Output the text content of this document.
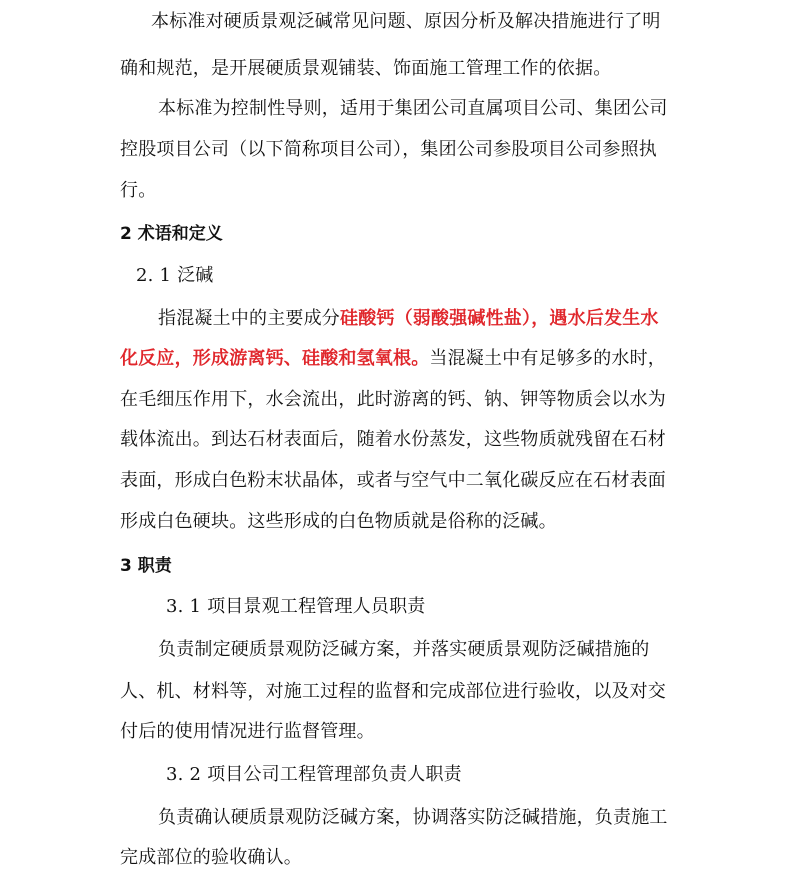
本标准对硬质景观泛碱常见问题、原因分析及解决措施进行了明
确和规范，是开展硬质景观铺装、饰面施工管理工作的依据。
本标准为控制性导则，适用于集团公司直属项目公司、集团公司
控股项目公司（以下简称项目公司），集团公司参股项目公司参照执
行。
2 术语和定义
2. 1 泛碱
指混凝土中的主要成分硅酸钙（弱酸强碱性盐），遇水后发生水
化反应，形成游离钙、硅酸和氢氧根。当混凝土中有足够多的水时，
在毛细压作用下，水会流出，此时游离的钙、钠、钾等物质会以水为
载体流出。到达石材表面后，随着水份蒸发，这些物质就残留在石材
表面，形成白色粉末状晶体，或者与空气中二氧化碳反应在石材表面
形成白色硬块。这些形成的白色物质就是俗称的泛碱。
3 职责
3. 1 项目景观工程管理人员职责
负责制定硬质景观防泛碱方案，并落实硬质景观防泛碱措施的
人、机、材料等，对施工过程的监督和完成部位进行验收，以及对交
付后的使用情况进行监督管理。
3. 2 项目公司工程管理部负责人职责
负责确认硬质景观防泛碱方案，协调落实防泛碱措施，负责施工
完成部位的验收确认。
